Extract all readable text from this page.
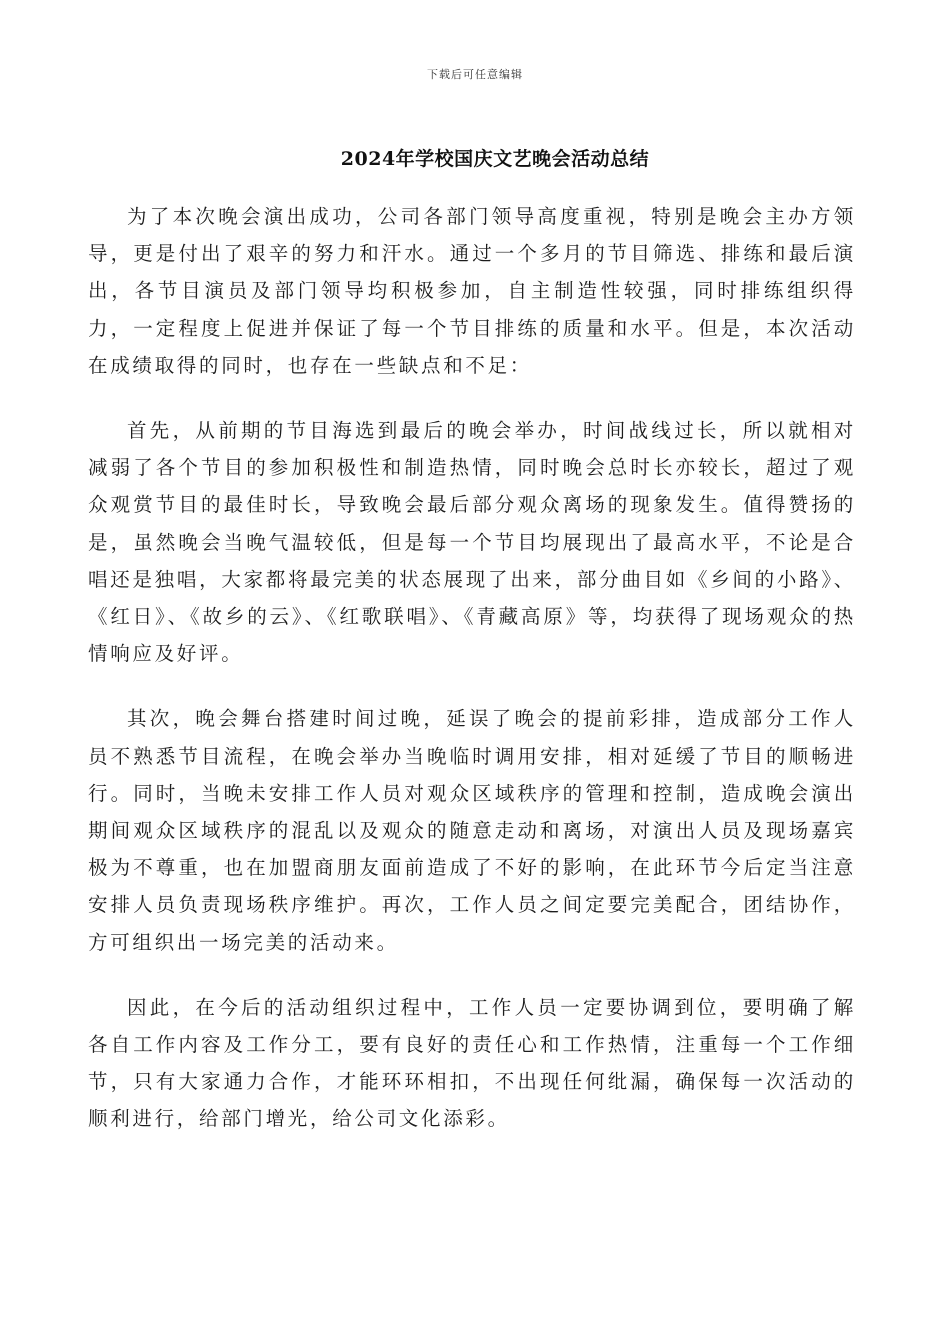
下载后可任意编辑
2024年学校国庆文艺晚会活动总结

为了本次晚会演出成功，公司各部门领导高度重视，特别是晚会主办方领导，更是付出了艰辛的努力和汗水。通过一个多月的节目筛选、排练和最后演出，各节目演员及部门领导均积极参加，自主制造性较强，同时排练组织得力，一定程度上促进并保证了每一个节目排练的质量和水平。但是，本次活动在成绩取得的同时，也存在一些缺点和不足：

首先，从前期的节目海选到最后的晚会举办，时间战线过长，所以就相对减弱了各个节目的参加积极性和制造热情，同时晚会总时长亦较长，超过了观众观赏节目的最佳时长，导致晚会最后部分观众离场的现象发生。值得赞扬的是，虽然晚会当晚气温较低，但是每一个节目均展现出了最高水平，不论是合唱还是独唱，大家都将最完美的状态展现了出来，部分曲目如《乡间的小路》、《红日》、《故乡的云》、《红歌联唱》、《青藏高原》等，均获得了现场观众的热情响应及好评。

其次，晚会舞台搭建时间过晚，延误了晚会的提前彩排，造成部分工作人员不熟悉节目流程，在晚会举办当晚临时调用安排，相对延缓了节目的顺畅进行。同时，当晚未安排工作人员对观众区域秩序的管理和控制，造成晚会演出期间观众区域秩序的混乱以及观众的随意走动和离场，对演出人员及现场嘉宾极为不尊重，也在加盟商朋友面前造成了不好的影响，在此环节今后定当注意安排人员负责现场秩序维护。再次，工作人员之间定要完美配合，团结协作，方可组织出一场完美的活动来。

因此，在今后的活动组织过程中，工作人员一定要协调到位，要明确了解各自工作内容及工作分工，要有良好的责任心和工作热情，注重每一个工作细节，只有大家通力合作，才能环环相扣，不出现任何纰漏，确保每一次活动的顺利进行，给部门增光，给公司文化添彩。
